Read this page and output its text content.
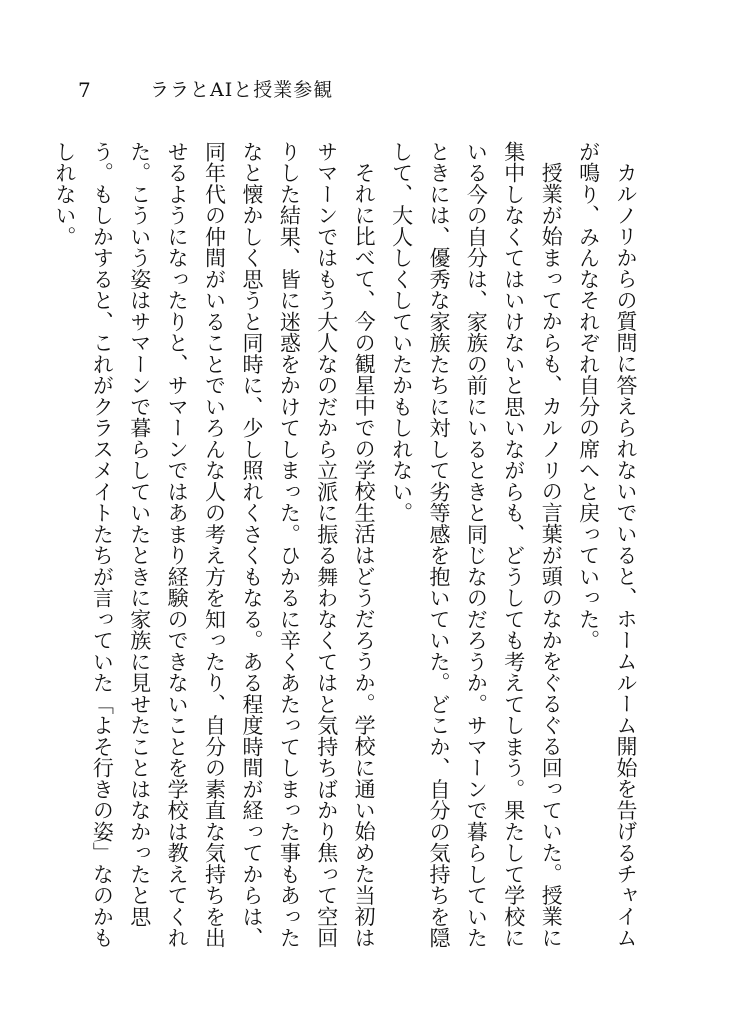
7	ララとAIと授業参観

カルノリからの質問に答えられないでいると、ホームルーム開始を告げるチャイムが鳴り、みんなそれぞれ自分の席へと戻っていった。

授業が始まってからも、カルノリの言葉が頭のなかをぐるぐる回っていた。授業に集中しなくてはいけないと思いながらも、どうしても考えてしまう。果たして学校にいる今の自分は、家族の前にいるときと同じなのだろうか。サマーンで暮らしていたときには、優秀な家族たちに対して劣等感を抱いていた。どこか、自分の気持ちを隠して、大人しくしていたかもしれない。

それに比べて、今の観星中での学校生活はどうだろうか。学校に通い始めた当初はサマーンではもう大人なのだから立派に振る舞わなくてはと気持ちばかり焦って空回りした結果、皆に迷惑をかけてしまった。ひかるに辛くあたってしまった事もあったなと懐かしく思うと同時に、少し照れくさくもなる。ある程度時間が経ってからは、同年代の仲間がいることでいろんな人の考え方を知ったり、自分の素直な気持ちを出せるようになったりと、サマーンではあまり経験のできないことを学校は教えてくれた。こういう姿はサマーンで暮らしていたときに家族に見せたことはなかったと思う。もしかすると、これがクラスメイトたちが言っていた「よそ行きの姿」なのかもしれない。
